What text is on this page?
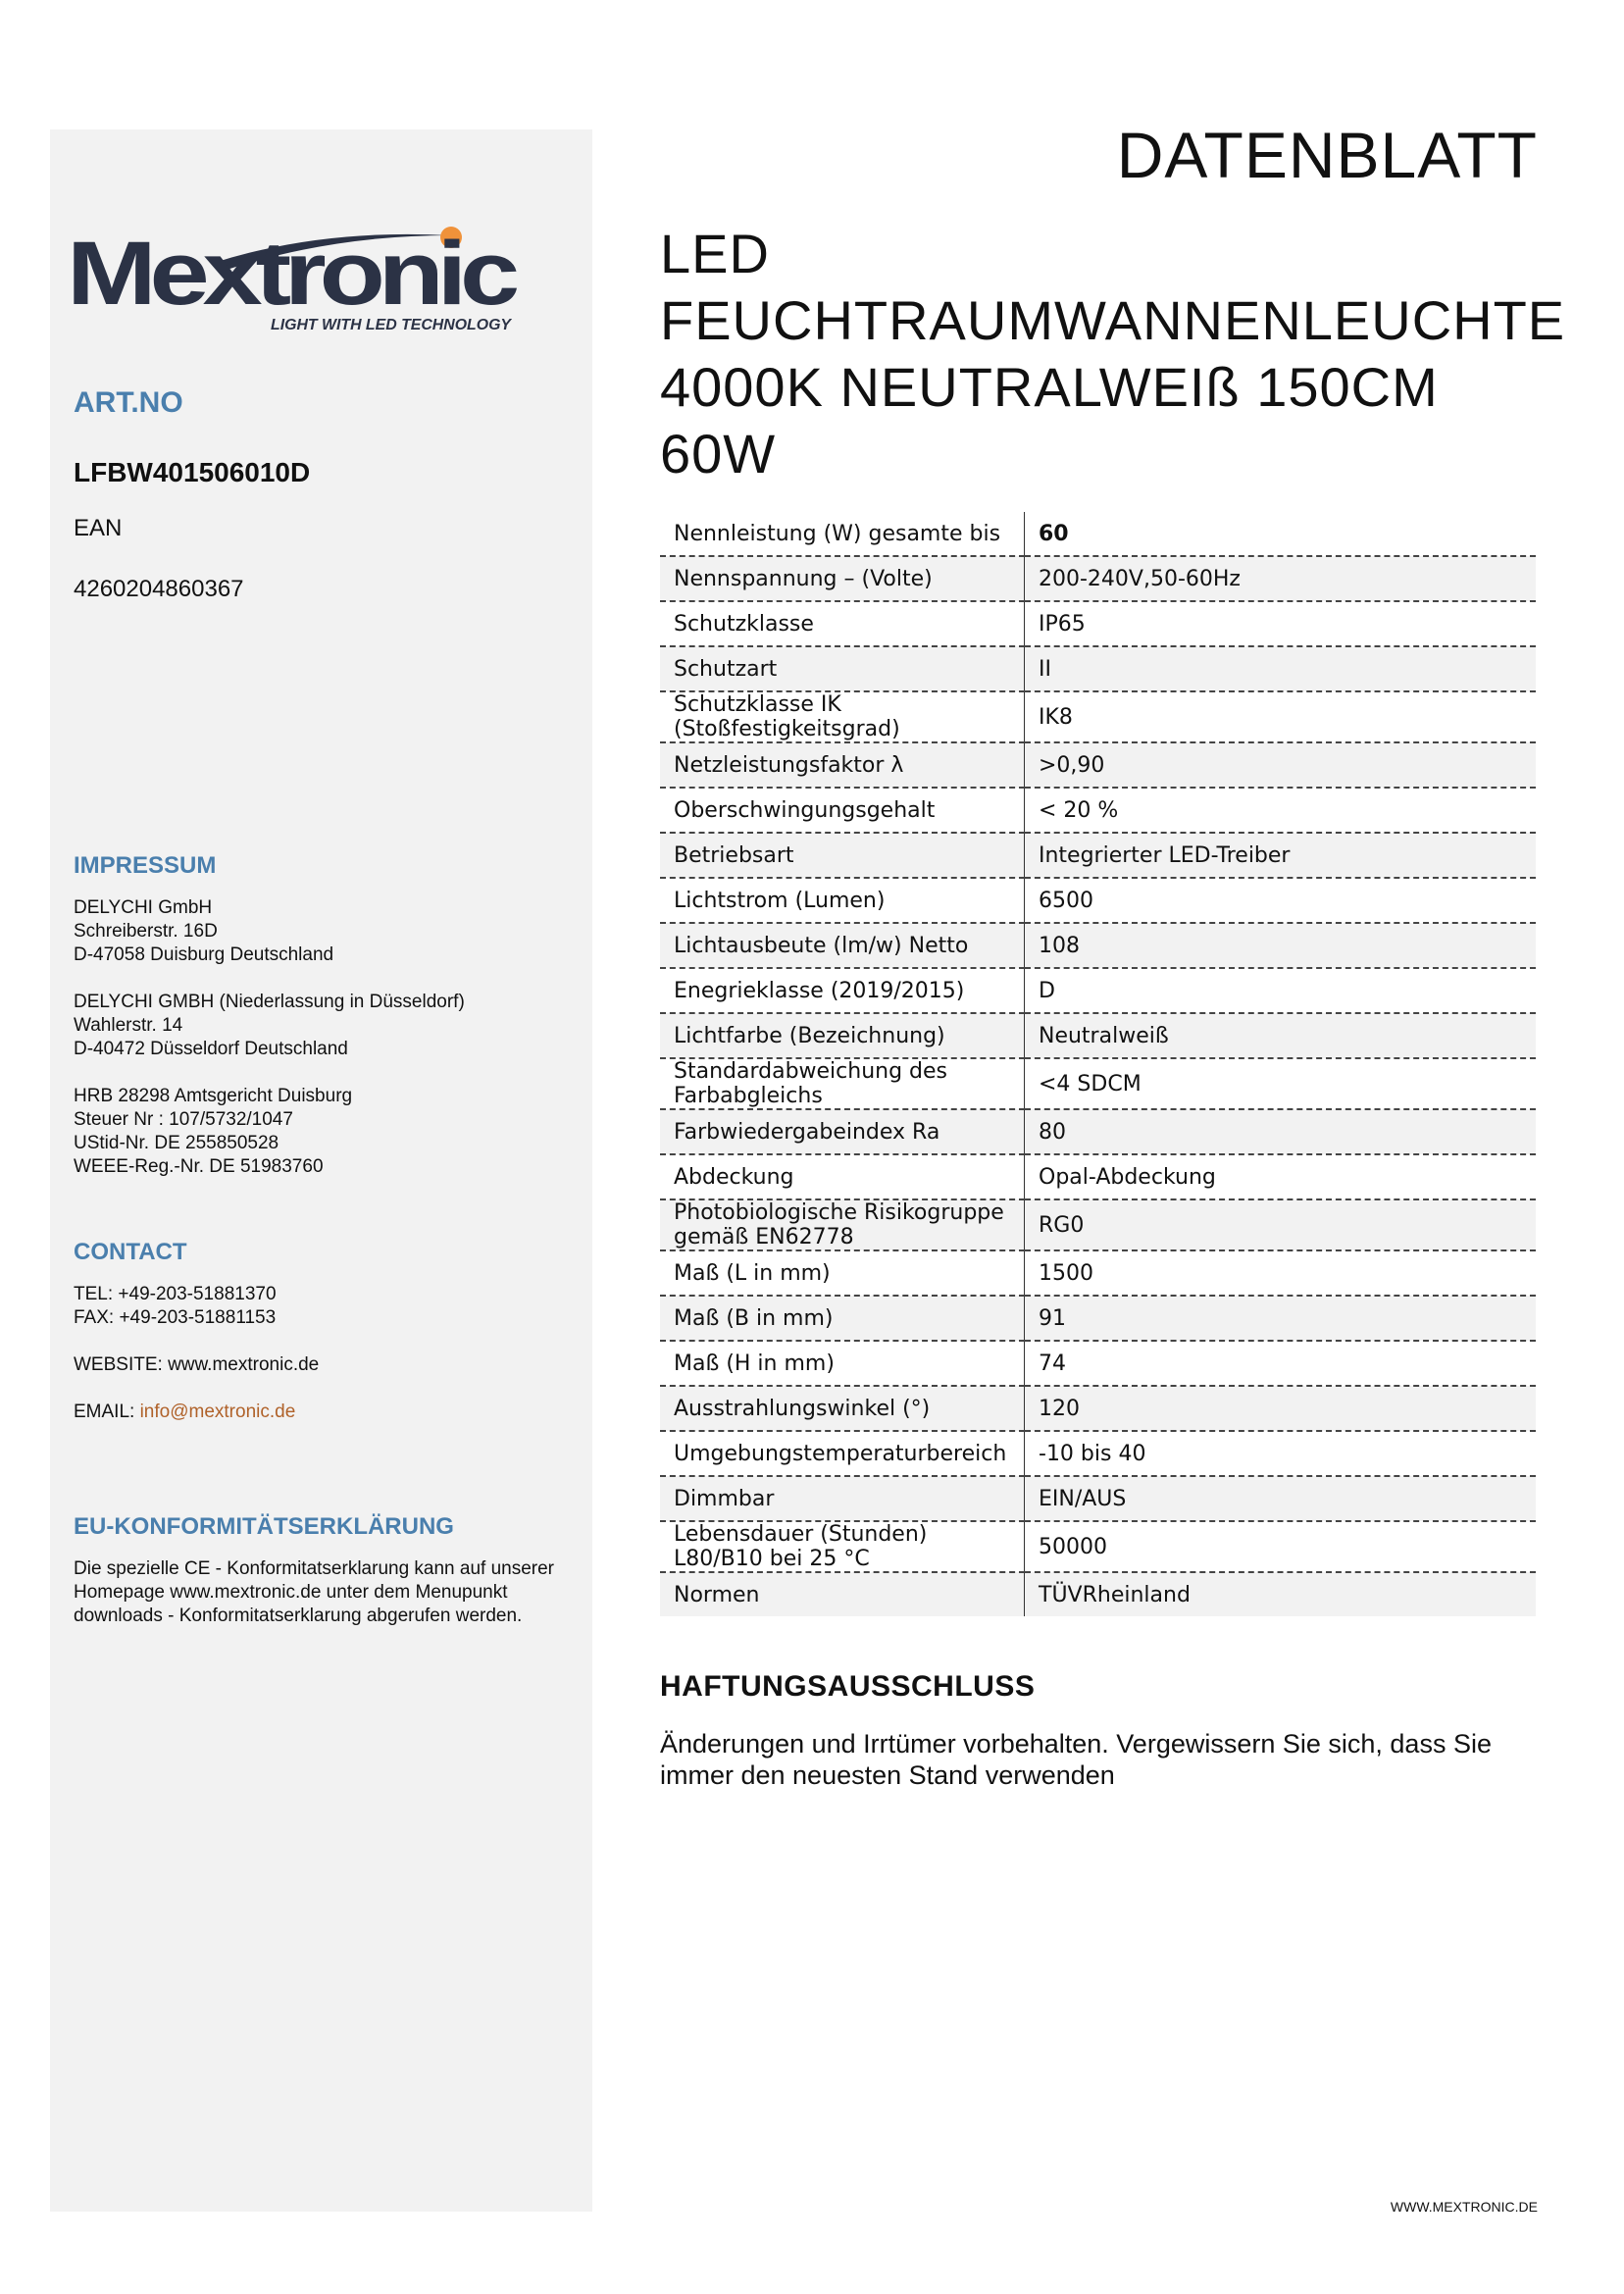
Mextronic
LIGHT WITH LED TECHNOLOGY
ART.NO
LFBW401506010D
EAN
4260204860367
IMPRESSUM
DELYCHI GmbH
Schreiberstr. 16D
D-47058 Duisburg Deutschland
DELYCHI GMBH (Niederlassung in Düsseldorf)
Wahlerstr. 14
D-40472 Düsseldorf Deutschland
HRB 28298 Amtsgericht Duisburg
Steuer Nr : 107/5732/1047
UStid-Nr. DE 255850528
WEEE-Reg.-Nr. DE 51983760
CONTACT
TEL: +49-203-51881370
FAX: +49-203-51881153
WEBSITE: www.mextronic.de
EMAIL: info@mextronic.de
EU-KONFORMITÄTSERKLÄRUNG
Die spezielle CE - Konformitatserklarung kann auf unserer Homepage www.mextronic.de unter dem Menupunkt downloads - Konformitatserklarung abgerufen werden.
DATENBLATT
LED FEUCHTRAUMWANNENLEUCHTE 4000K NEUTRALWEIß 150CM 60W
Nennleistung (W) gesamte bis	60
Nennspannung – (Volte)	200-240V,50-60Hz
Schutzklasse	IP65
Schutzart	II
Schutzklasse IK (Stoßfestigkeitsgrad)	IK8
Netzleistungsfaktor λ	>0,90
Oberschwingungsgehalt	< 20 %
Betriebsart	Integrierter LED-Treiber
Lichtstrom (Lumen)	6500
Lichtausbeute (lm/w) Netto	108
Enegrieklasse (2019/2015)	D
Lichtfarbe (Bezeichnung)	Neutralweiß
Standardabweichung des Farbabgleichs	<4 SDCM
Farbwiedergabeindex Ra	80
Abdeckung	Opal-Abdeckung
Photobiologische Risikogruppe gemäß EN62778	RG0
Maß (L in mm)	1500
Maß (B in mm)	91
Maß (H in mm)	74
Ausstrahlungswinkel (°)	120
Umgebungstemperaturbereich	-10 bis 40
Dimmbar	EIN/AUS
Lebensdauer (Stunden) L80/B10 bei 25 °C	50000
Normen	TÜVRheinland
HAFTUNGSAUSSCHLUSS
Änderungen und Irrtümer vorbehalten. Vergewissern Sie sich, dass Sie immer den neuesten Stand verwenden
WWW.MEXTRONIC.DE
